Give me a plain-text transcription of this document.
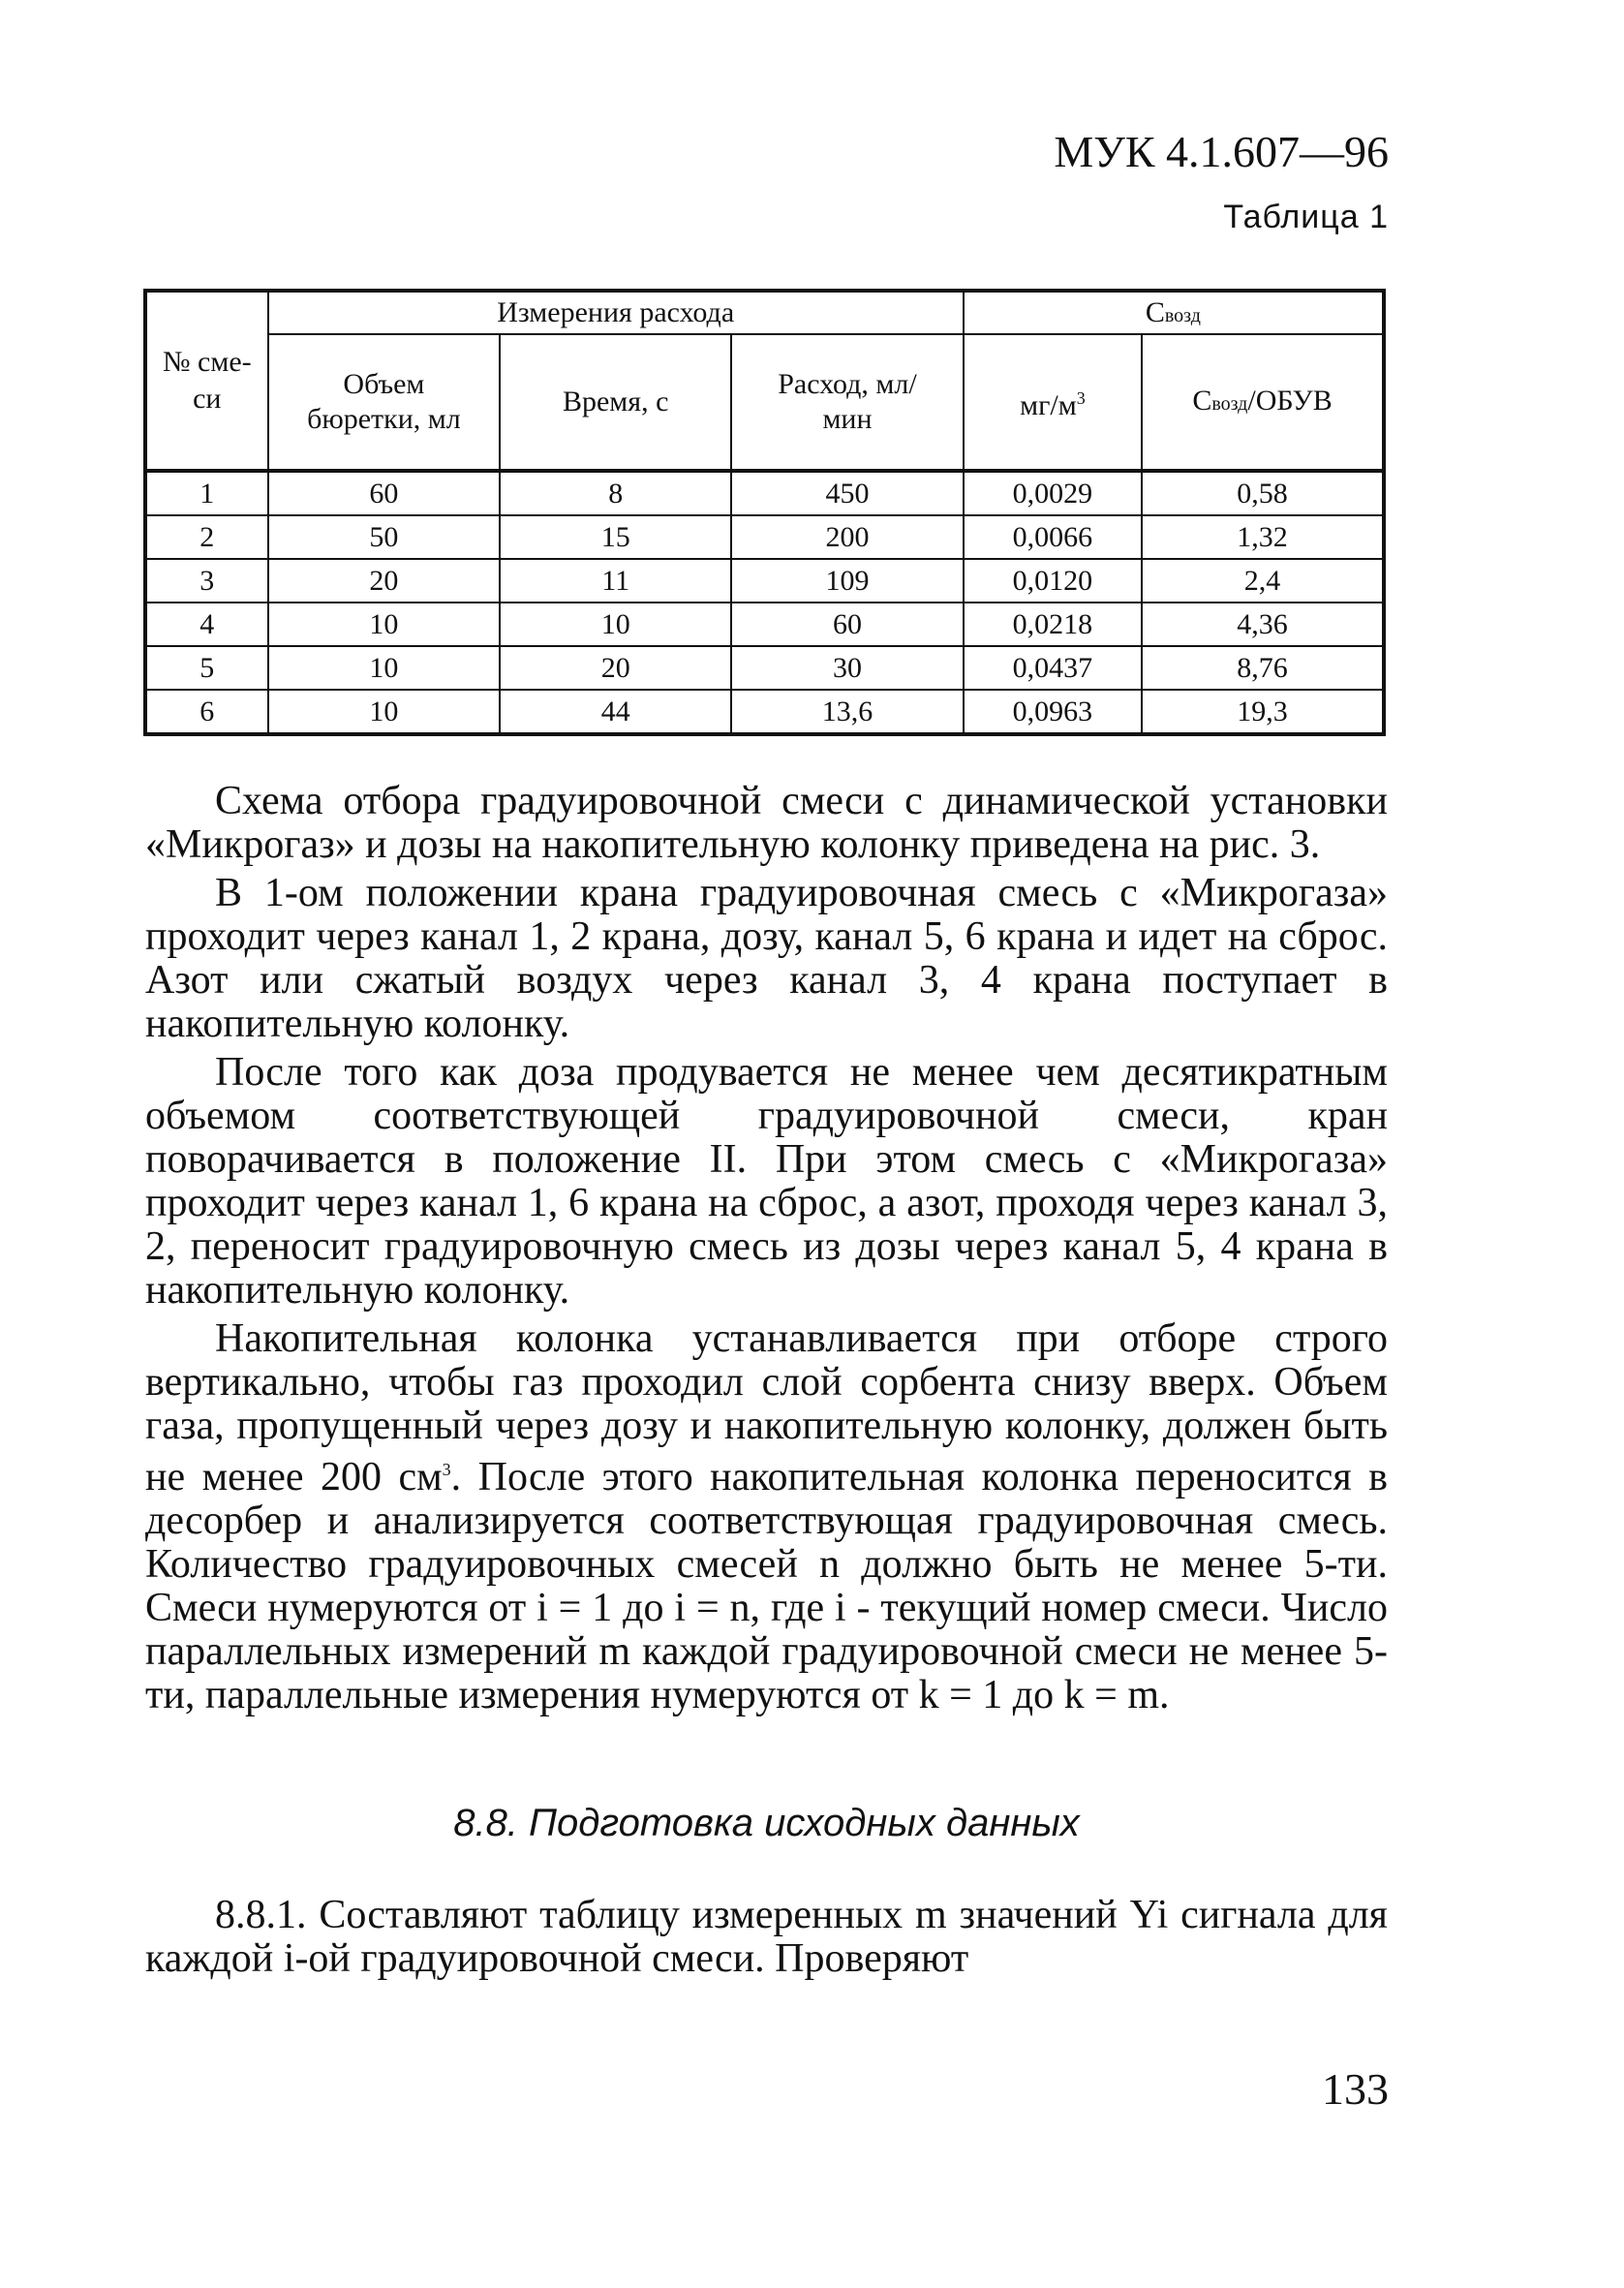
МУК 4.1.607—96
Таблица 1
№ сме-си	Измерения расхода			Свозд	
	Объем бюретки, мл	Время, с	Расход, мл/мин	$мг/м^3$	Свозд/ОБУВ
1	60	8	450	0,0029	0,58
2	50	15	200	0,0066	1,32
3	20	11	109	0,0120	2,4
4	10	10	60	0,0218	4,36
5	10	20	30	0,0437	8,76
6	10	44	13,6	0,0963	19,3

Схема отбора градуировочной смеси с динамической установки «Микрогаз» и дозы на накопительную колонку приведена на рис. 3.

В 1-ом положении крана градуировочная смесь с «Микрогаза» проходит через канал 1, 2 крана, дозу, канал 5, 6 крана и идет на сброс. Азот или сжатый воздух через канал 3, 4 крана поступает в накопительную колонку.

После того как доза продувается не менее чем десятикратным объемом соответствующей градуировочной смеси, кран поворачивается в положение II. При этом смесь с «Микрогаза» проходит через канал 1, 6 крана на сброс, а азот, проходя через канал 3, 2, переносит градуировочную смесь из дозы через канал 5, 4 крана в накопительную колонку.

Накопительная колонка устанавливается при отборе строго вертикально, чтобы газ проходил слой сорбента снизу вверх. Объем газа, пропущенный через дозу и накопительную колонку, должен быть не менее 200 $см^3$. После этого накопительная колонка переносится в десорбер и анализируется соответствующая градуировочная смесь. Количество градуировочных смесей n должно быть не менее 5-ти. Смеси нумеруются от i = 1 до i = n, где i - текущий номер смеси. Число параллельных измерений m каждой градуировочной смеси не менее 5-ти, параллельные измерения нумеруются от k = 1 до k = m.

8.8. Подготовка исходных данных
8.8.1. Составляют таблицу измеренных m значений Yi сигнала для каждой i-ой градуировочной смеси. Проверяют
133
